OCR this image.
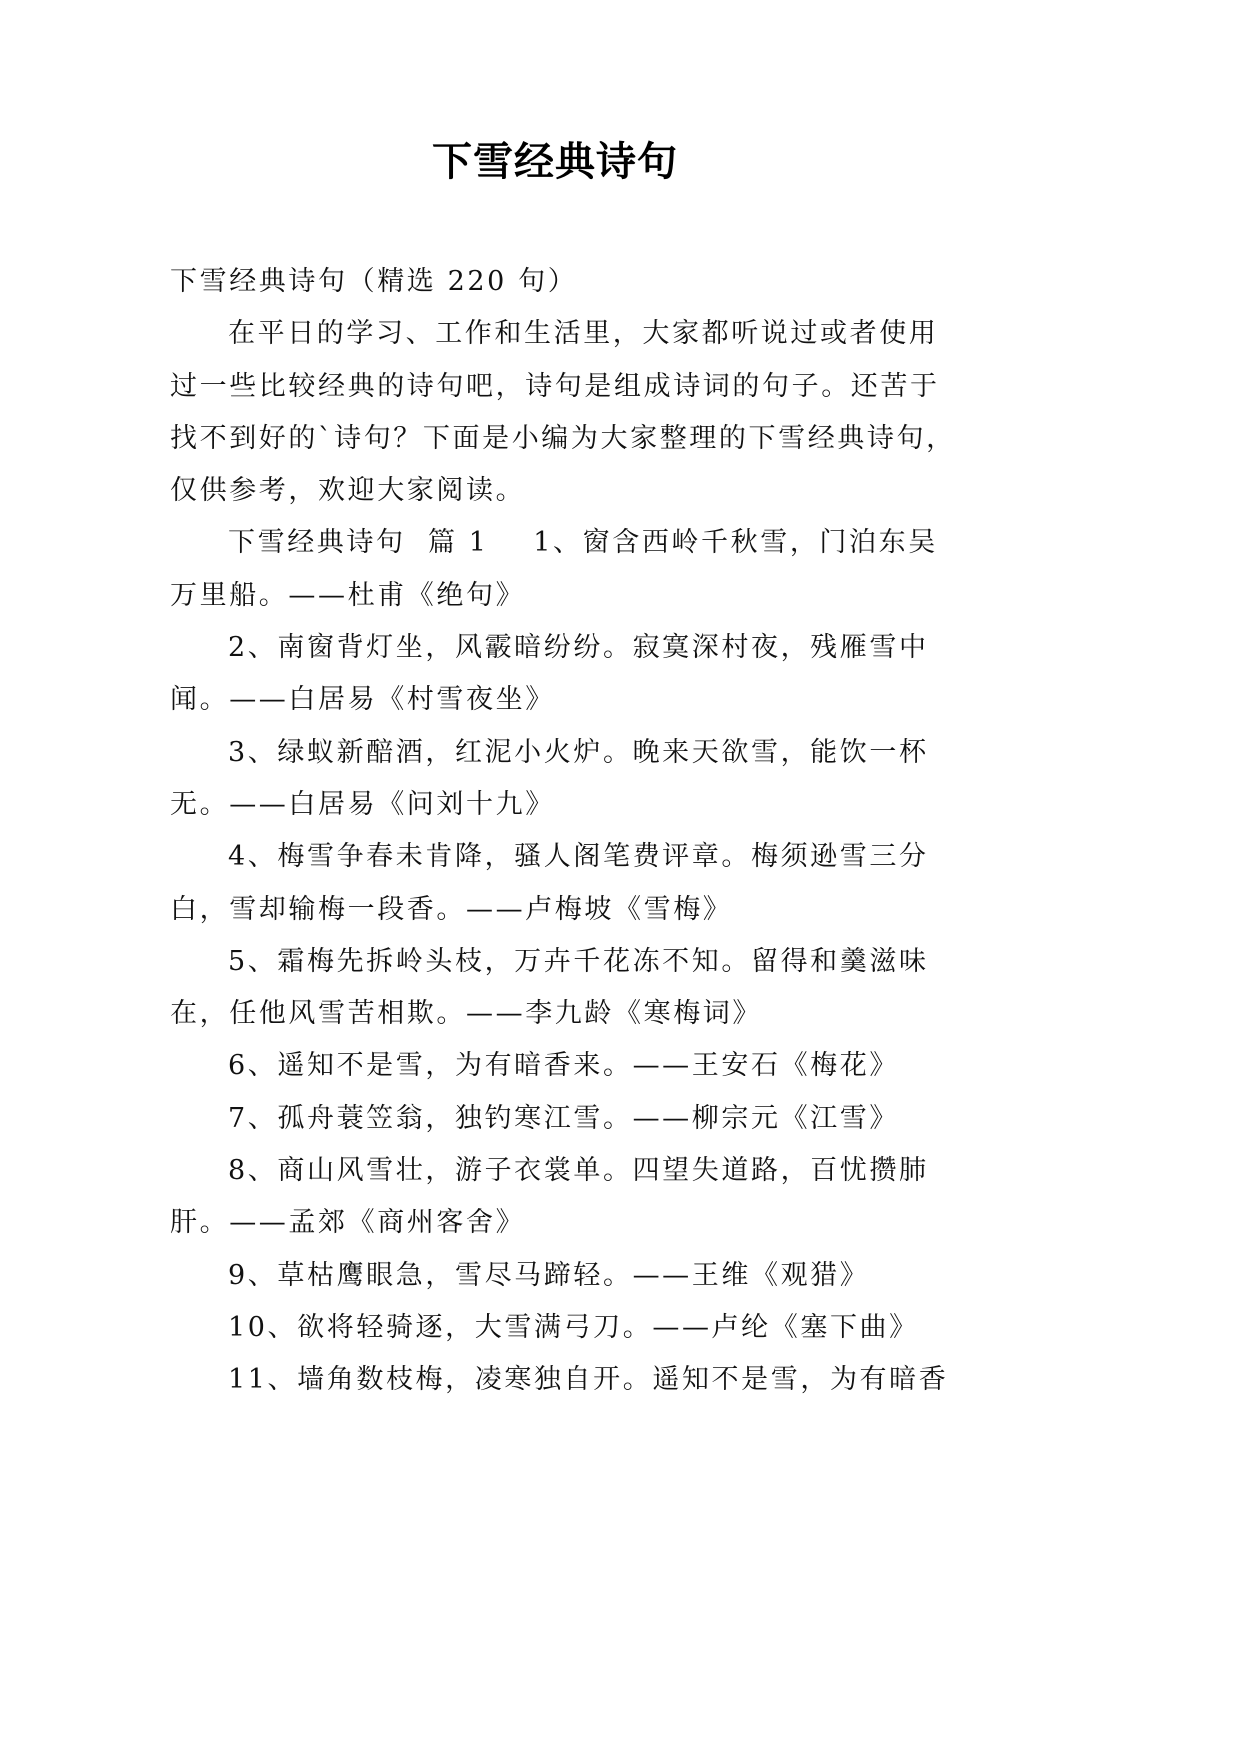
下雪经典诗句
下雪经典诗句（精选 220 句）
在平日的学习、工作和生活里，大家都听说过或者使用
过一些比较经典的诗句吧，诗句是组成诗词的句子。还苦于
找不到好的`诗句？下面是小编为大家整理的下雪经典诗句，
仅供参考，欢迎大家阅读。
下雪经典诗句  篇 1    1、窗含西岭千秋雪，门泊东吴
万里船。——杜甫《绝句》
2、南窗背灯坐，风霰暗纷纷。寂寞深村夜，残雁雪中
闻。——白居易《村雪夜坐》
3、绿蚁新醅酒，红泥小火炉。晚来天欲雪，能饮一杯
无。——白居易《问刘十九》
4、梅雪争春未肯降，骚人阁笔费评章。梅须逊雪三分
白，雪却输梅一段香。——卢梅坡《雪梅》
5、霜梅先拆岭头枝，万卉千花冻不知。留得和羹滋味
在，任他风雪苦相欺。——李九龄《寒梅词》
6、遥知不是雪，为有暗香来。——王安石《梅花》
7、孤舟蓑笠翁，独钓寒江雪。——柳宗元《江雪》
8、商山风雪壮，游子衣裳单。四望失道路，百忧攒肺
肝。——孟郊《商州客舍》
9、草枯鹰眼急，雪尽马蹄轻。——王维《观猎》
10、欲将轻骑逐，大雪满弓刀。——卢纶《塞下曲》
11、墙角数枝梅，凌寒独自开。遥知不是雪，为有暗香
